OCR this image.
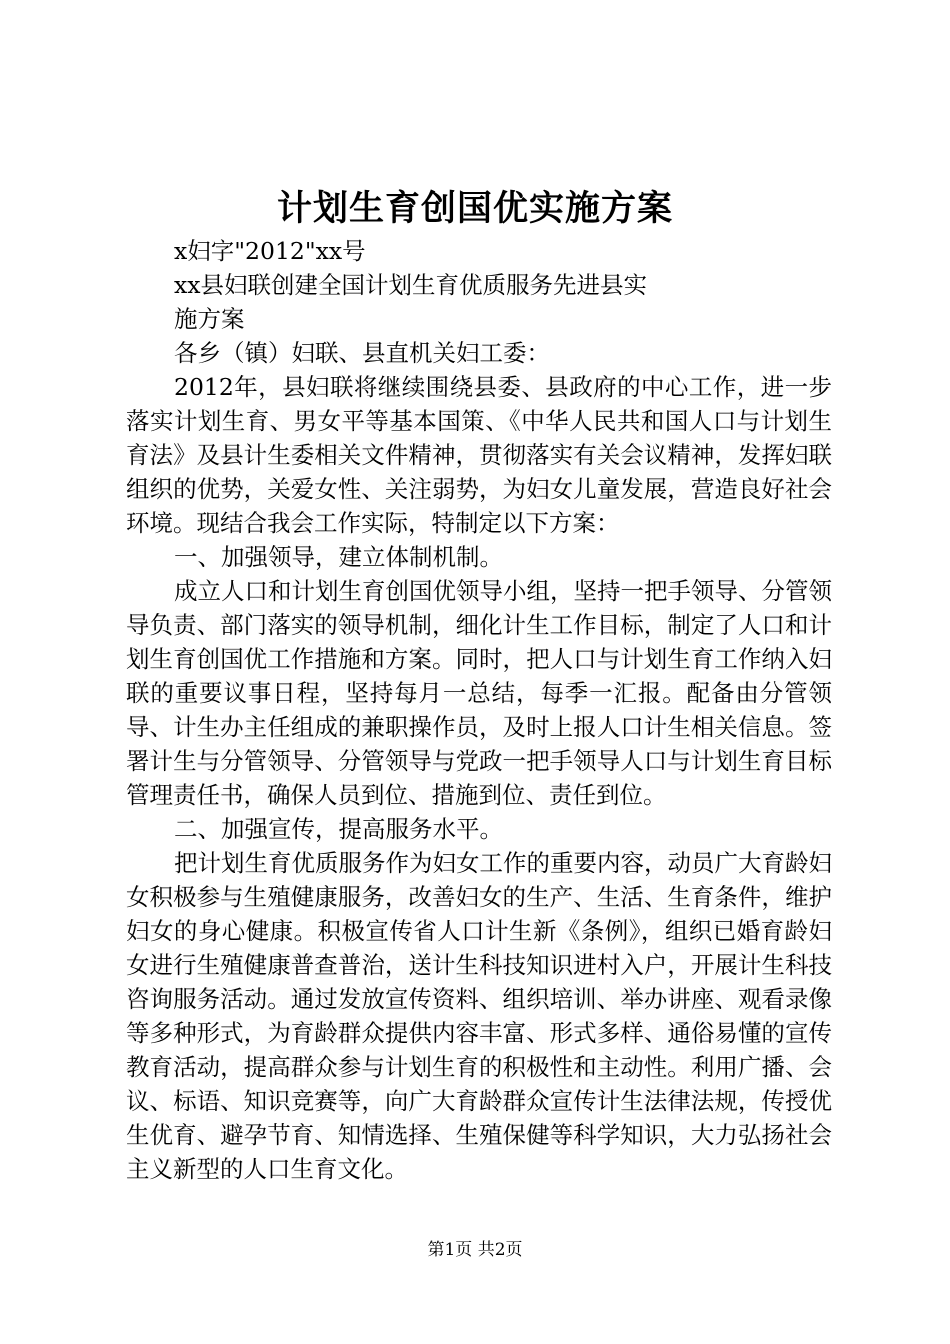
计划生育创国优实施方案

x妇字"2012"xx号

xx县妇联创建全国计划生育优质服务先进县实

施方案

各乡（镇）妇联、县直机关妇工委：

2012年，县妇联将继续围绕县委、县政府的中心工作，进一步落实计划生育、男女平等基本国策、《中华人民共和国人口与计划生育法》及县计生委相关文件精神，贯彻落实有关会议精神，发挥妇联组织的优势，关爱女性、关注弱势，为妇女儿童发展，营造良好社会环境。现结合我会工作实际，特制定以下方案：

一、加强领导，建立体制机制。

成立人口和计划生育创国优领导小组，坚持一把手领导、分管领导负责、部门落实的领导机制，细化计生工作目标，制定了人口和计划生育创国优工作措施和方案。同时，把人口与计划生育工作纳入妇联的重要议事日程，坚持每月一总结，每季一汇报。配备由分管领导、计生办主任组成的兼职操作员，及时上报人口计生相关信息。签署计生与分管领导、分管领导与党政一把手领导人口与计划生育目标管理责任书，确保人员到位、措施到位、责任到位。

二、加强宣传，提高服务水平。

把计划生育优质服务作为妇女工作的重要内容，动员广大育龄妇女积极参与生殖健康服务，改善妇女的生产、生活、生育条件，维护妇女的身心健康。积极宣传省人口计生新《条例》，组织已婚育龄妇女进行生殖健康普查普治，送计生科技知识进村入户，开展计生科技咨询服务活动。通过发放宣传资料、组织培训、举办讲座、观看录像等多种形式，为育龄群众提供内容丰富、形式多样、通俗易懂的宣传教育活动，提高群众参与计划生育的积极性和主动性。利用广播、会议、标语、知识竞赛等，向广大育龄群众宣传计生法律法规，传授优生优育、避孕节育、知情选择、生殖保健等科学知识，大力弘扬社会主义新型的人口生育文化。

第1页 共2页
